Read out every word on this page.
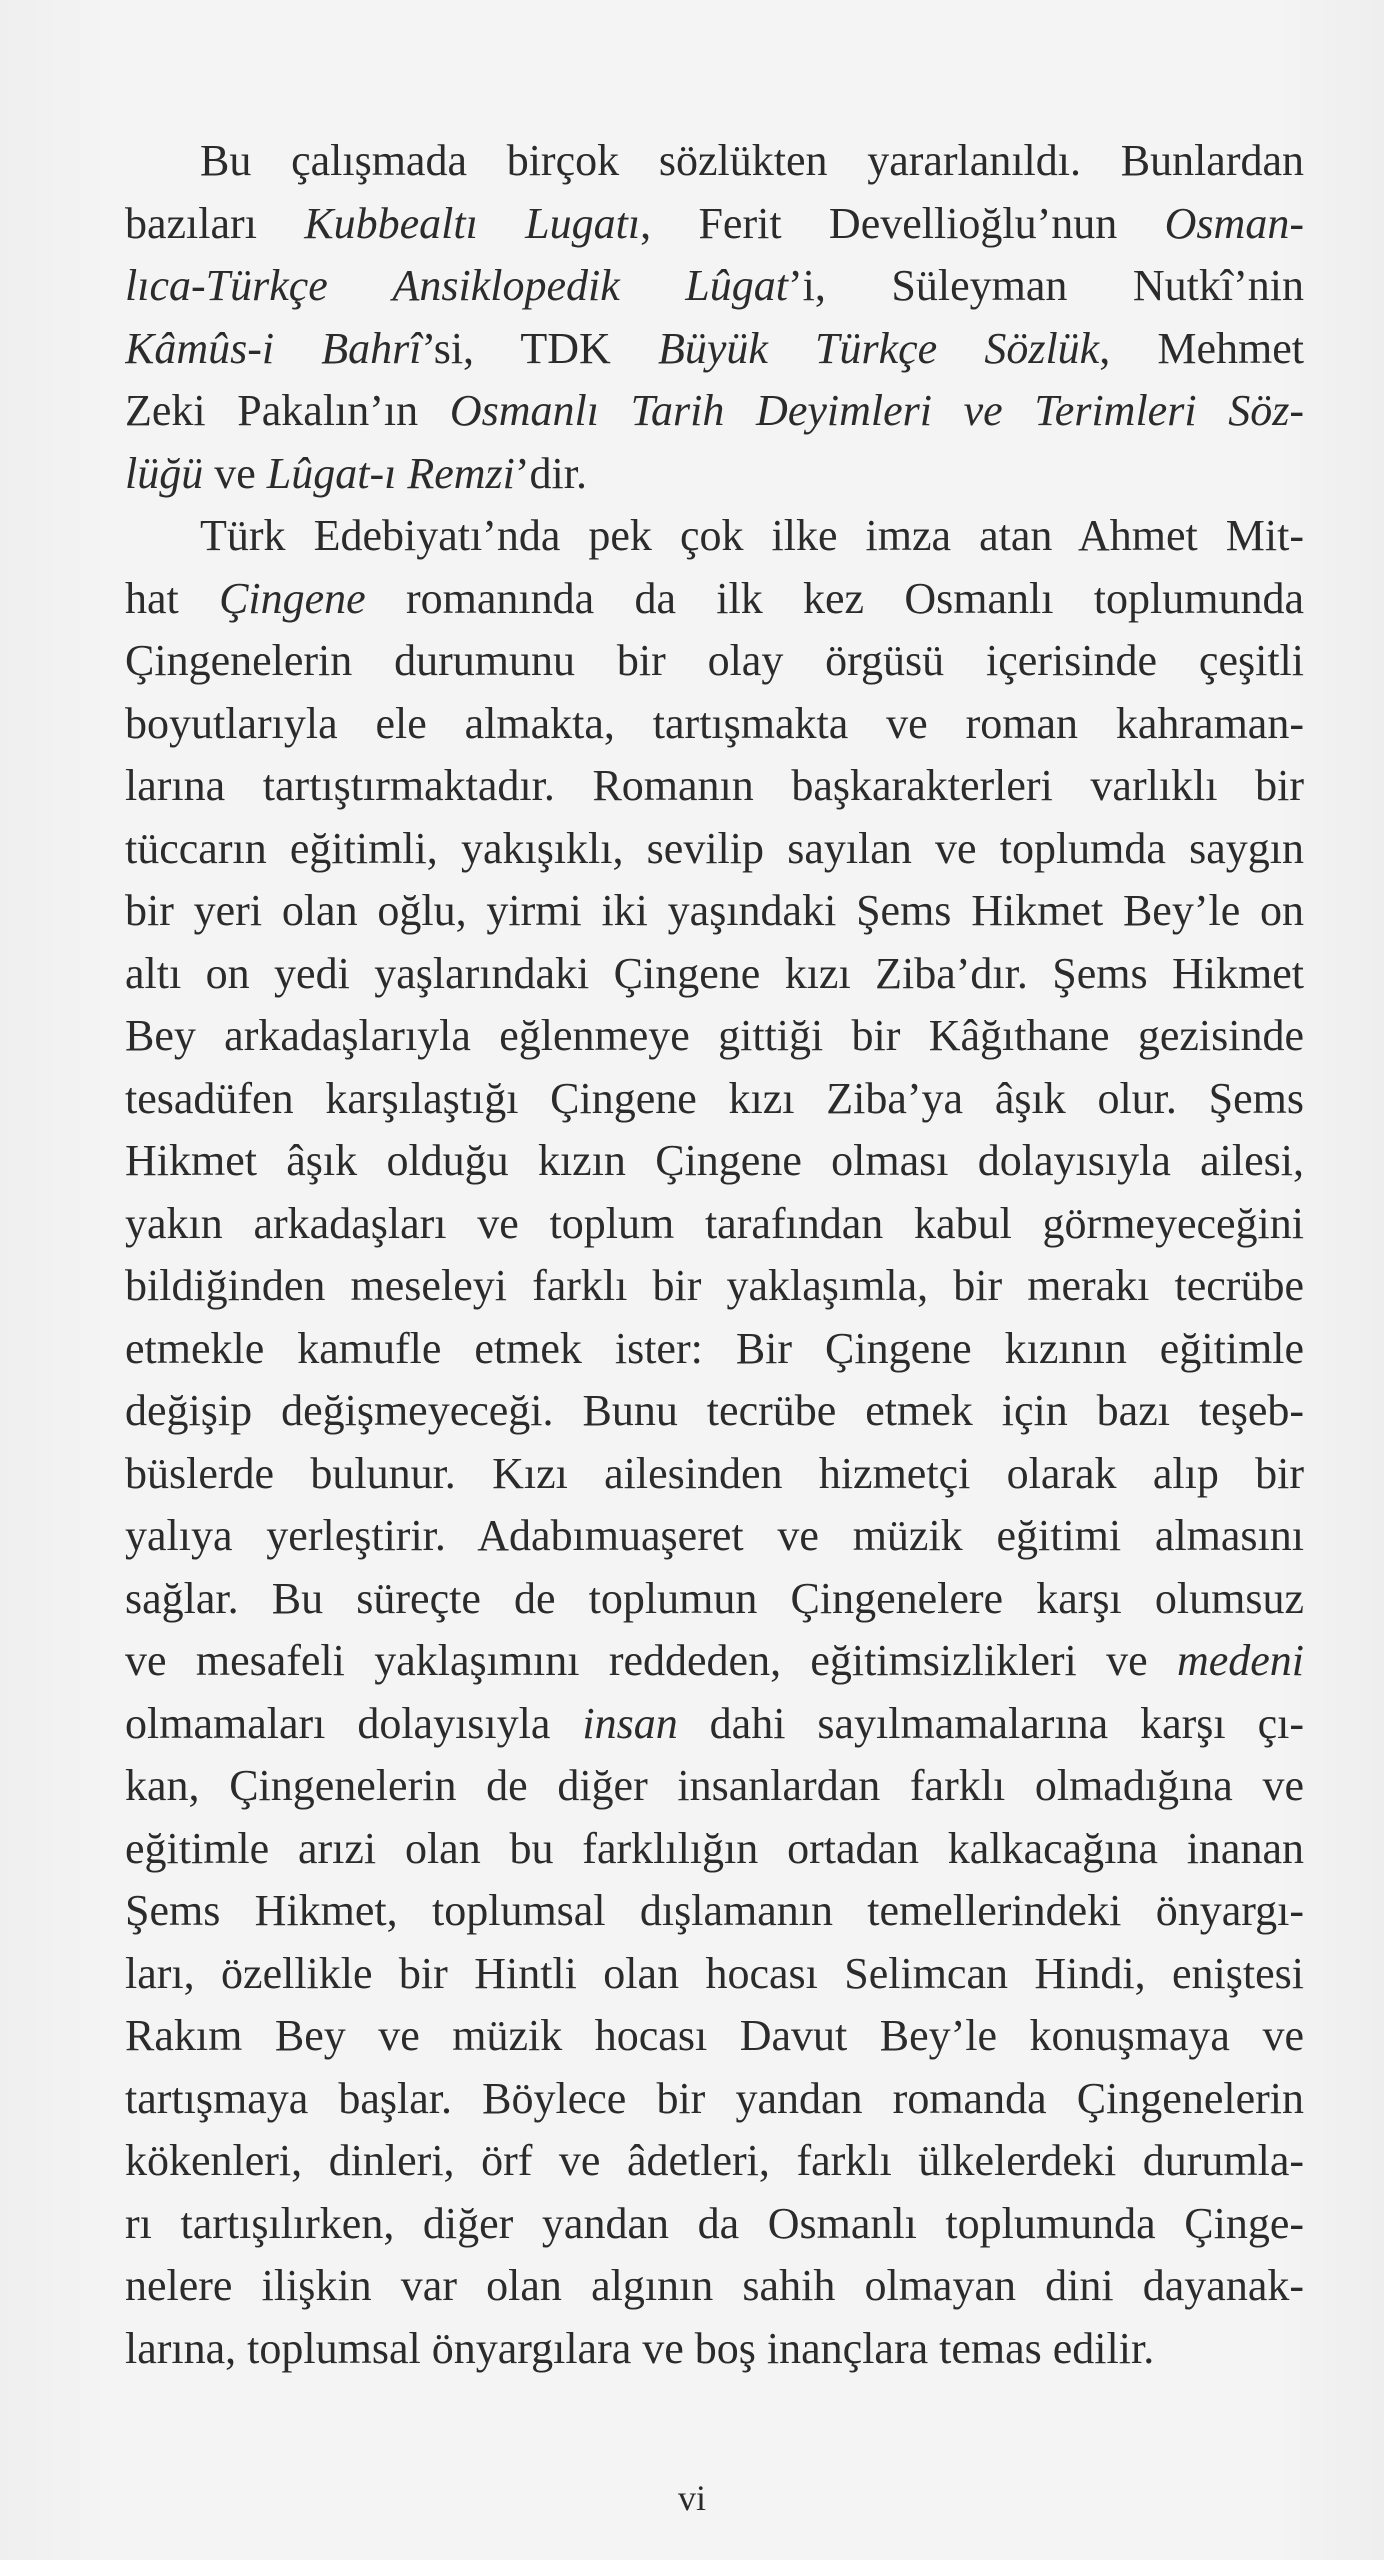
Bu çalışmada birçok sözlükten yararlanıldı. Bunlardan
bazıları Kubbealtı Lugatı, Ferit Devellioğlu’nun Osman-
lıca-Türkçe Ansiklopedik Lûgat’i, Süleyman Nutkî’nin
Kâmûs-i Bahrî’si, TDK Büyük Türkçe Sözlük, Mehmet
Zeki Pakalın’ın Osmanlı Tarih Deyimleri ve Terimleri Söz-
lüğü ve Lûgat-ı Remzi’dir.
Türk Edebiyatı’nda pek çok ilke imza atan Ahmet Mit-
hat Çingene romanında da ilk kez Osmanlı toplumunda
Çingenelerin durumunu bir olay örgüsü içerisinde çeşitli
boyutlarıyla ele almakta, tartışmakta ve roman kahraman-
larına tartıştırmaktadır. Romanın başkarakterleri varlıklı bir
tüccarın eğitimli, yakışıklı, sevilip sayılan ve toplumda saygın
bir yeri olan oğlu, yirmi iki yaşındaki Şems Hikmet Bey’le on
altı on yedi yaşlarındaki Çingene kızı Ziba’dır. Şems Hikmet
Bey arkadaşlarıyla eğlenmeye gittiği bir Kâğıthane gezisinde
tesadüfen karşılaştığı Çingene kızı Ziba’ya âşık olur. Şems
Hikmet âşık olduğu kızın Çingene olması dolayısıyla ailesi,
yakın arkadaşları ve toplum tarafından kabul görmeyeceğini
bildiğinden meseleyi farklı bir yaklaşımla, bir merakı tecrübe
etmekle kamufle etmek ister: Bir Çingene kızının eğitimle
değişip değişmeyeceği. Bunu tecrübe etmek için bazı teşeb-
büslerde bulunur. Kızı ailesinden hizmetçi olarak alıp bir
yalıya yerleştirir. Adabımuaşeret ve müzik eğitimi almasını
sağlar. Bu süreçte de toplumun Çingenelere karşı olumsuz
ve mesafeli yaklaşımını reddeden, eğitimsizlikleri ve medeni
olmamaları dolayısıyla insan dahi sayılmamalarına karşı çı-
kan, Çingenelerin de diğer insanlardan farklı olmadığına ve
eğitimle arızi olan bu farklılığın ortadan kalkacağına inanan
Şems Hikmet, toplumsal dışlamanın temellerindeki önyargı-
ları, özellikle bir Hintli olan hocası Selimcan Hindi, eniştesi
Rakım Bey ve müzik hocası Davut Bey’le konuşmaya ve
tartışmaya başlar. Böylece bir yandan romanda Çingenelerin
kökenleri, dinleri, örf ve âdetleri, farklı ülkelerdeki durumla-
rı tartışılırken, diğer yandan da Osmanlı toplumunda Çinge-
nelere ilişkin var olan algının sahih olmayan dini dayanak-
larına, toplumsal önyargılara ve boş inançlara temas edilir.
vi
